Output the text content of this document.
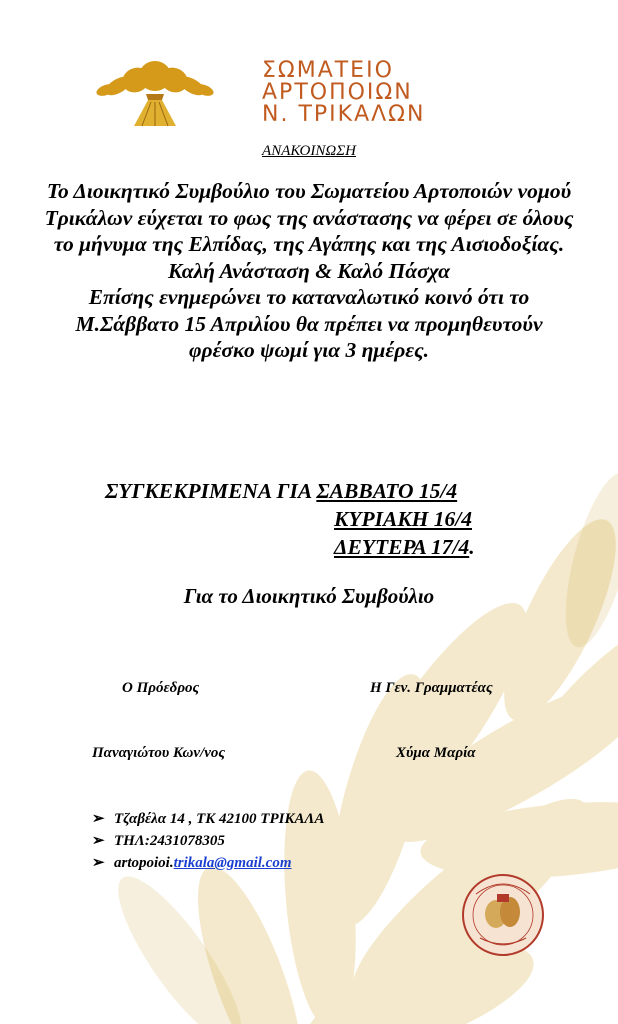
ΣΩΜΑΤΕΙΟ
ΑΡΤΟΠΟΙΩΝ
Ν. ΤΡΙΚΑΛΩΝ
ΑΝΑΚΟΙΝΩΣΗ

Το Διοικητικό Συμβούλιο του Σωματείου Αρτοποιών νομού Τρικάλων εύχεται το φως της ανάστασης να φέρει σε όλους το μήνυμα της Ελπίδας, της Αγάπης και της Αισιοδοξίας.

Καλή Ανάσταση & Καλό Πάσχα

Επίσης ενημερώνει το καταναλωτικό κοινό ότι το Μ.Σάββατο 15 Απριλίου θα πρέπει να προμηθευτούν φρέσκο ψωμί για 3 ημέρες.

ΣΥΓΚΕΚΡΙΜΕΝΑ ΓΙΑ ΣΑΒΒΑΤΟ 15/4
ΚΥΡΙΑΚΗ 16/4
ΔΕΥΤΕΡΑ 17/4.
Για το Διοικητικό Συμβούλιο
Ο Πρόεδρος	Η Γεν. Γραμματέας
Παναγιώτου Κων/νος	Χύμα Μαρία
➢ Τζαβέλα 14 , ΤΚ 42100 ΤΡΙΚΑΛΑ
➢ ΤΗΛ:2431078305
➢ artopoioi.trikala@gmail.com
